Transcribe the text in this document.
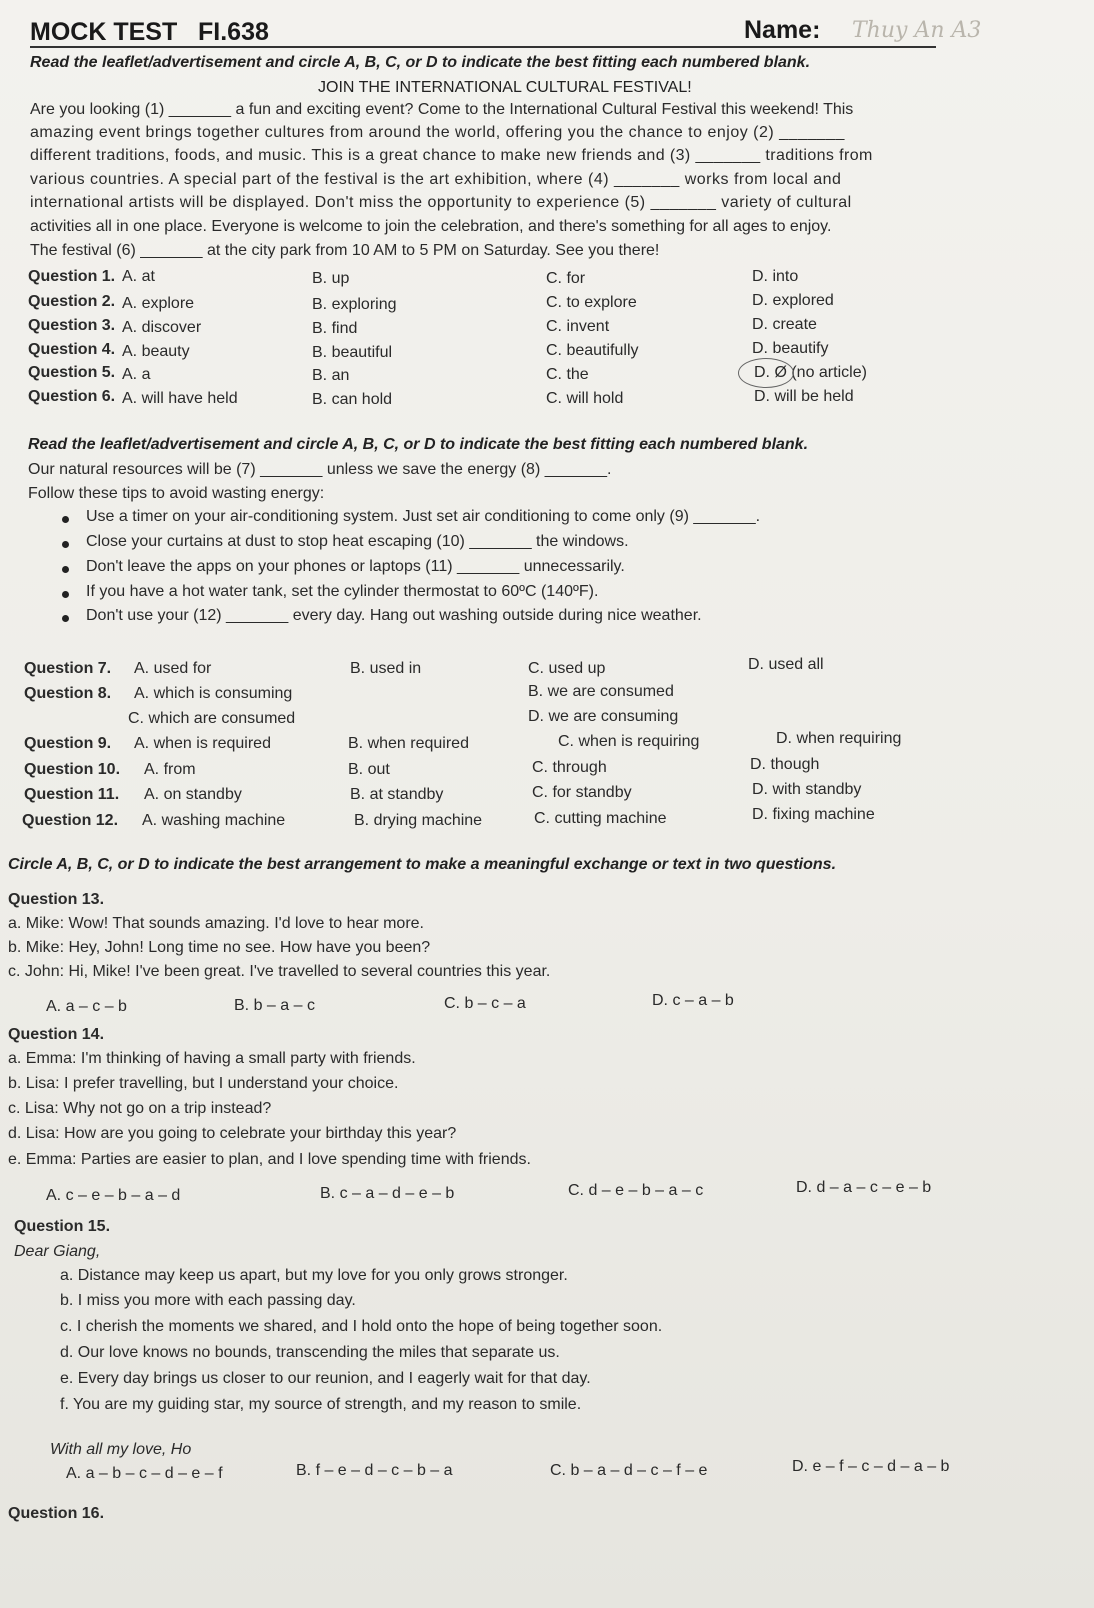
MOCK TEST FI.638	Name: Thuy An A3
Read the leaflet/advertisement and circle A, B, C, or D to indicate the best fitting each numbered blank.
JOIN THE INTERNATIONAL CULTURAL FESTIVAL!
Are you looking (1) _______ a fun and exciting event? Come to the International Cultural Festival this weekend! This
amazing event brings together cultures from around the world, offering you the chance to enjoy (2) _______
different traditions, foods, and music. This is a great chance to make new friends and (3) _______ traditions from
various countries. A special part of the festival is the art exhibition, where (4) _______ works from local and
international artists will be displayed. Don't miss the opportunity to experience (5) _______ variety of cultural
activities all in one place. Everyone is welcome to join the celebration, and there's something for all ages to enjoy.
The festival (6) _______ at the city park from 10 AM to 5 PM on Saturday. See you there!
Question 1. A. at	B. up	C. for	D. into
Question 2. A. explore	B. exploring	C. to explore	D. explored
Question 3. A. discover	B. find	C. invent	D. create
Question 4. A. beauty	B. beautiful	C. beautifully	D. beautify
Question 5. A. a	B. an	C. the	D. Ø (no article)
Question 6. A. will have held	B. can hold	C. will hold	D. will be held
Read the leaflet/advertisement and circle A, B, C, or D to indicate the best fitting each numbered blank.
Our natural resources will be (7) _______ unless we save the energy (8) _______.
Follow these tips to avoid wasting energy:
Use a timer on your air-conditioning system. Just set air conditioning to come only (9) _______.
Close your curtains at dust to stop heat escaping (10) _______ the windows.
Don't leave the apps on your phones or laptops (11) _______ unnecessarily.
If you have a hot water tank, set the cylinder thermostat to 60ºC (140ºF).
Don't use your (12) _______ every day. Hang out washing outside during nice weather.
Question 7. A. used for	B. used in	C. used up	D. used all
Question 8. A. which is consuming	B. we are consumed
C. which are consumed	D. we are consuming
Question 9. A. when is required	B. when required	C. when is requiring	D. when requiring
Question 10. A. from	B. out	C. through	D. though
Question 11. A. on standby	B. at standby	C. for standby	D. with standby
Question 12. A. washing machine	B. drying machine	C. cutting machine	D. fixing machine
Circle A, B, C, or D to indicate the best arrangement to make a meaningful exchange or text in two questions.
Question 13.
a. Mike: Wow! That sounds amazing. I'd love to hear more.
b. Mike: Hey, John! Long time no see. How have you been?
c. John: Hi, Mike! I've been great. I've travelled to several countries this year.
A. a – c – b	B. b – a – c	C. b – c – a	D. c – a – b
Question 14.
a. Emma: I'm thinking of having a small party with friends.
b. Lisa: I prefer travelling, but I understand your choice.
c. Lisa: Why not go on a trip instead?
d. Lisa: How are you going to celebrate your birthday this year?
e. Emma: Parties are easier to plan, and I love spending time with friends.
A. c – e – b – a – d	B. c – a – d – e – b	C. d – e – b – a – c	D. d – a – c – e – b
Question 15.
Dear Giang,
a. Distance may keep us apart, but my love for you only grows stronger.
b. I miss you more with each passing day.
c. I cherish the moments we shared, and I hold onto the hope of being together soon.
d. Our love knows no bounds, transcending the miles that separate us.
e. Every day brings us closer to our reunion, and I eagerly wait for that day.
f. You are my guiding star, my source of strength, and my reason to smile.
With all my love, Ho
A. a – b – c – d – e – f	B. f – e – d – c – b – a	C. b – a – d – c – f – e	D. e – f – c – d – a – b
Question 16.
